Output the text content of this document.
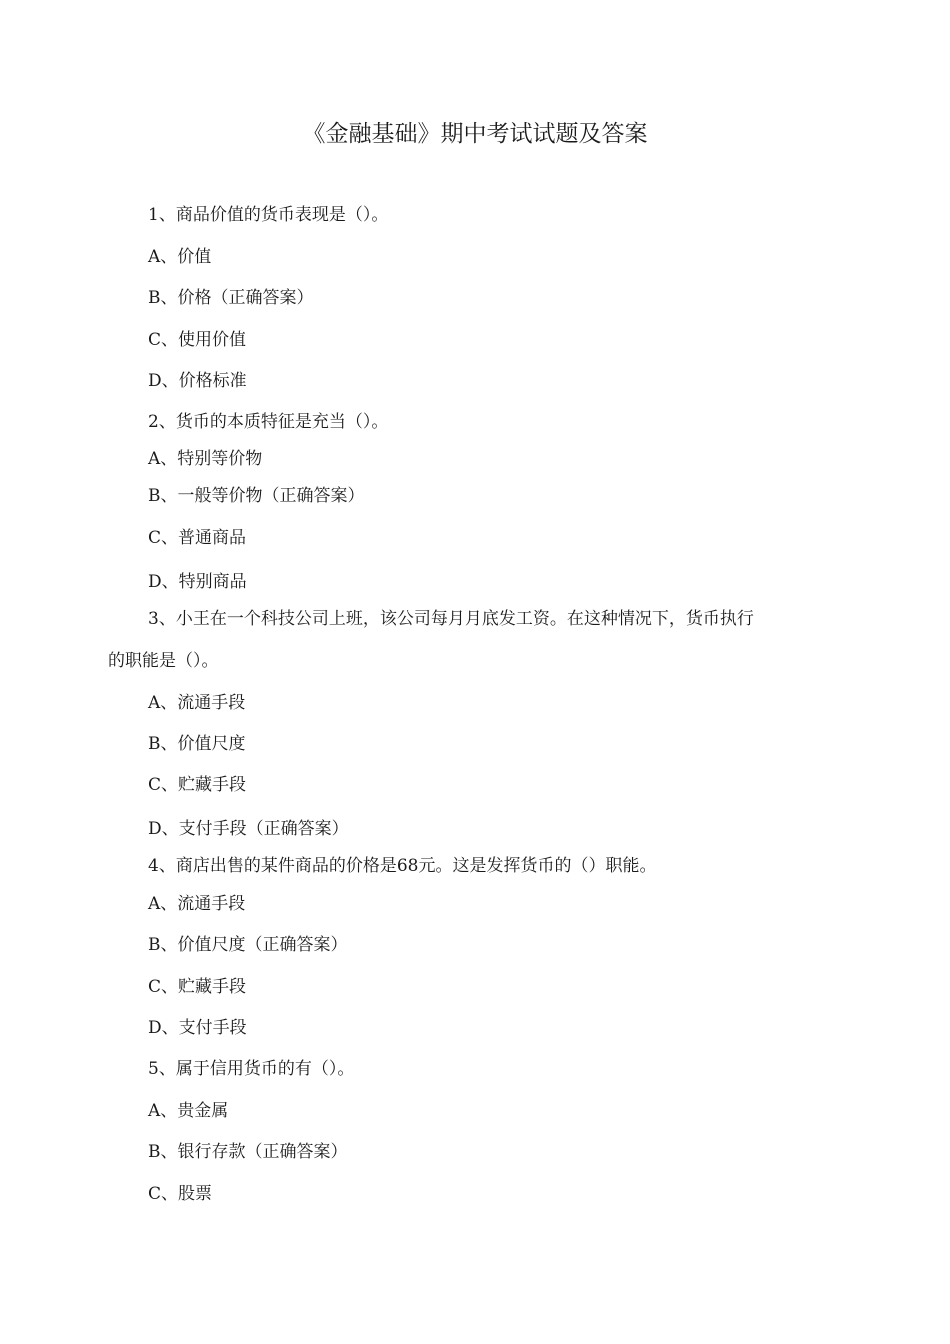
《金融基础》期中考试试题及答案
1、商品价值的货币表现是（）。
A、价值
B、价格（正确答案）
C、使用价值
D、价格标准
2、货币的本质特征是充当（）。
A、特别等价物
B、一般等价物（正确答案）
C、普通商品
D、特别商品
3、小王在一个科技公司上班，该公司每月月底发工资。在这种情况下，货币执行
的职能是（）。
A、流通手段
B、价值尺度
C、贮藏手段
D、支付手段（正确答案）
4、商店出售的某件商品的价格是68元。这是发挥货币的（）职能。
A、流通手段
B、价值尺度（正确答案）
C、贮藏手段
D、支付手段
5、属于信用货币的有（）。
A、贵金属
B、银行存款（正确答案）
C、股票
